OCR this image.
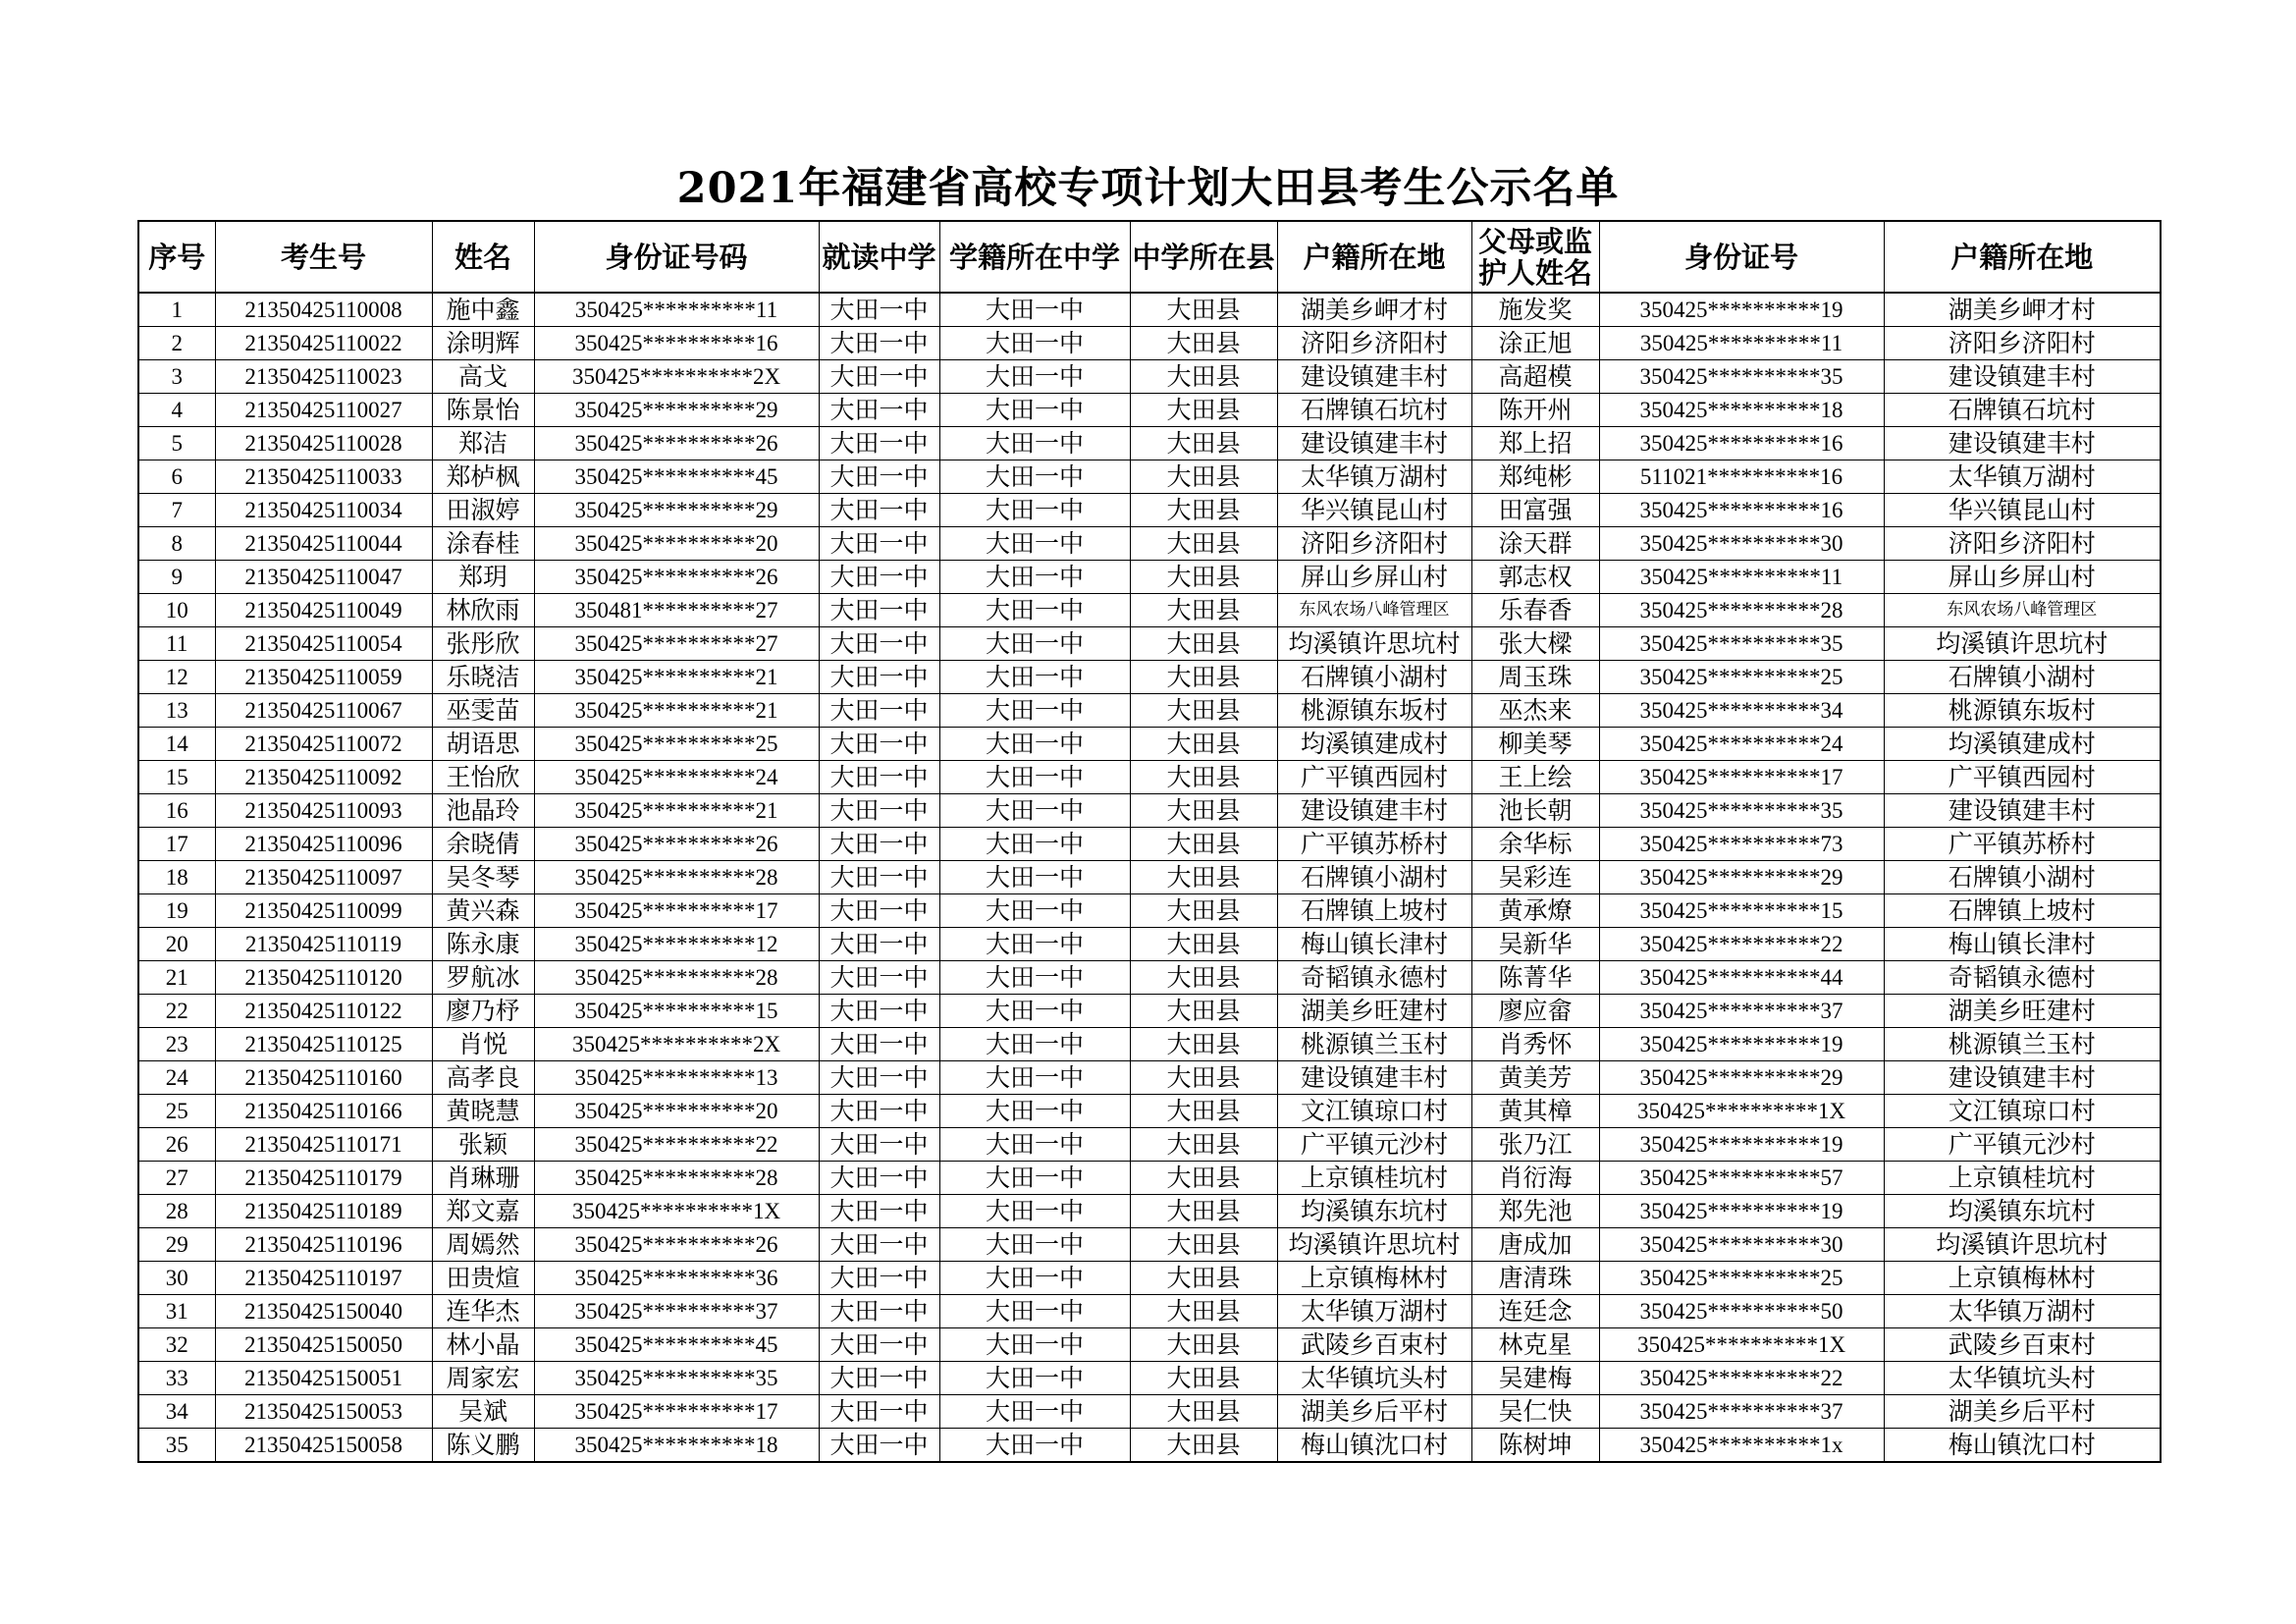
2021年福建省高校专项计划大田县考生公示名单
序号	考生号	姓名	身份证号码	就读中学	学籍所在中学	中学所在县	户籍所在地	父母或监护人姓名	身份证号	户籍所在地
1	21350425110008	施中鑫	350425**********11	大田一中	大田一中	大田县	湖美乡岬才村	施发奖	350425**********19	湖美乡岬才村
2	21350425110022	涂明辉	350425**********16	大田一中	大田一中	大田县	济阳乡济阳村	涂正旭	350425**********11	济阳乡济阳村
3	21350425110023	高戈	350425**********2X	大田一中	大田一中	大田县	建设镇建丰村	高超模	350425**********35	建设镇建丰村
4	21350425110027	陈景怡	350425**********29	大田一中	大田一中	大田县	石牌镇石坑村	陈开州	350425**********18	石牌镇石坑村
5	21350425110028	郑洁	350425**********26	大田一中	大田一中	大田县	建设镇建丰村	郑上招	350425**********16	建设镇建丰村
6	21350425110033	郑栌枫	350425**********45	大田一中	大田一中	大田县	太华镇万湖村	郑纯彬	511021**********16	太华镇万湖村
7	21350425110034	田淑婷	350425**********29	大田一中	大田一中	大田县	华兴镇昆山村	田富强	350425**********16	华兴镇昆山村
8	21350425110044	涂春桂	350425**********20	大田一中	大田一中	大田县	济阳乡济阳村	涂天群	350425**********30	济阳乡济阳村
9	21350425110047	郑玥	350425**********26	大田一中	大田一中	大田县	屏山乡屏山村	郭志权	350425**********11	屏山乡屏山村
10	21350425110049	林欣雨	350481**********27	大田一中	大田一中	大田县	东风农场八峰管理区	乐春香	350425**********28	东风农场八峰管理区
11	21350425110054	张彤欣	350425**********27	大田一中	大田一中	大田县	均溪镇许思坑村	张大樑	350425**********35	均溪镇许思坑村
12	21350425110059	乐晓洁	350425**********21	大田一中	大田一中	大田县	石牌镇小湖村	周玉珠	350425**********25	石牌镇小湖村
13	21350425110067	巫雯苗	350425**********21	大田一中	大田一中	大田县	桃源镇东坂村	巫杰来	350425**********34	桃源镇东坂村
14	21350425110072	胡语思	350425**********25	大田一中	大田一中	大田县	均溪镇建成村	柳美琴	350425**********24	均溪镇建成村
15	21350425110092	王怡欣	350425**********24	大田一中	大田一中	大田县	广平镇西园村	王上绘	350425**********17	广平镇西园村
16	21350425110093	池晶玲	350425**********21	大田一中	大田一中	大田县	建设镇建丰村	池长朝	350425**********35	建设镇建丰村
17	21350425110096	余晓倩	350425**********26	大田一中	大田一中	大田县	广平镇苏桥村	余华标	350425**********73	广平镇苏桥村
18	21350425110097	吴冬琴	350425**********28	大田一中	大田一中	大田县	石牌镇小湖村	吴彩连	350425**********29	石牌镇小湖村
19	21350425110099	黄兴森	350425**********17	大田一中	大田一中	大田县	石牌镇上坡村	黄承燎	350425**********15	石牌镇上坡村
20	21350425110119	陈永康	350425**********12	大田一中	大田一中	大田县	梅山镇长津村	吴新华	350425**********22	梅山镇长津村
21	21350425110120	罗航冰	350425**********28	大田一中	大田一中	大田县	奇韬镇永德村	陈菁华	350425**********44	奇韬镇永德村
22	21350425110122	廖乃杼	350425**********15	大田一中	大田一中	大田县	湖美乡旺建村	廖应畲	350425**********37	湖美乡旺建村
23	21350425110125	肖悦	350425**********2X	大田一中	大田一中	大田县	桃源镇兰玉村	肖秀怀	350425**********19	桃源镇兰玉村
24	21350425110160	高孝良	350425**********13	大田一中	大田一中	大田县	建设镇建丰村	黄美芳	350425**********29	建设镇建丰村
25	21350425110166	黄晓慧	350425**********20	大田一中	大田一中	大田县	文江镇琼口村	黄其樟	350425**********1X	文江镇琼口村
26	21350425110171	张颖	350425**********22	大田一中	大田一中	大田县	广平镇元沙村	张乃江	350425**********19	广平镇元沙村
27	21350425110179	肖琳珊	350425**********28	大田一中	大田一中	大田县	上京镇桂坑村	肖衍海	350425**********57	上京镇桂坑村
28	21350425110189	郑文嘉	350425**********1X	大田一中	大田一中	大田县	均溪镇东坑村	郑先池	350425**********19	均溪镇东坑村
29	21350425110196	周嫣然	350425**********26	大田一中	大田一中	大田县	均溪镇许思坑村	唐成加	350425**********30	均溪镇许思坑村
30	21350425110197	田贵煊	350425**********36	大田一中	大田一中	大田县	上京镇梅林村	唐清珠	350425**********25	上京镇梅林村
31	21350425150040	连华杰	350425**********37	大田一中	大田一中	大田县	太华镇万湖村	连廷念	350425**********50	太华镇万湖村
32	21350425150050	林小晶	350425**********45	大田一中	大田一中	大田县	武陵乡百束村	林克星	350425**********1X	武陵乡百束村
33	21350425150051	周家宏	350425**********35	大田一中	大田一中	大田县	太华镇坑头村	吴建梅	350425**********22	太华镇坑头村
34	21350425150053	吴斌	350425**********17	大田一中	大田一中	大田县	湖美乡后平村	吴仁快	350425**********37	湖美乡后平村
35	21350425150058	陈义鹏	350425**********18	大田一中	大田一中	大田县	梅山镇沈口村	陈树坤	350425**********1x	梅山镇沈口村
